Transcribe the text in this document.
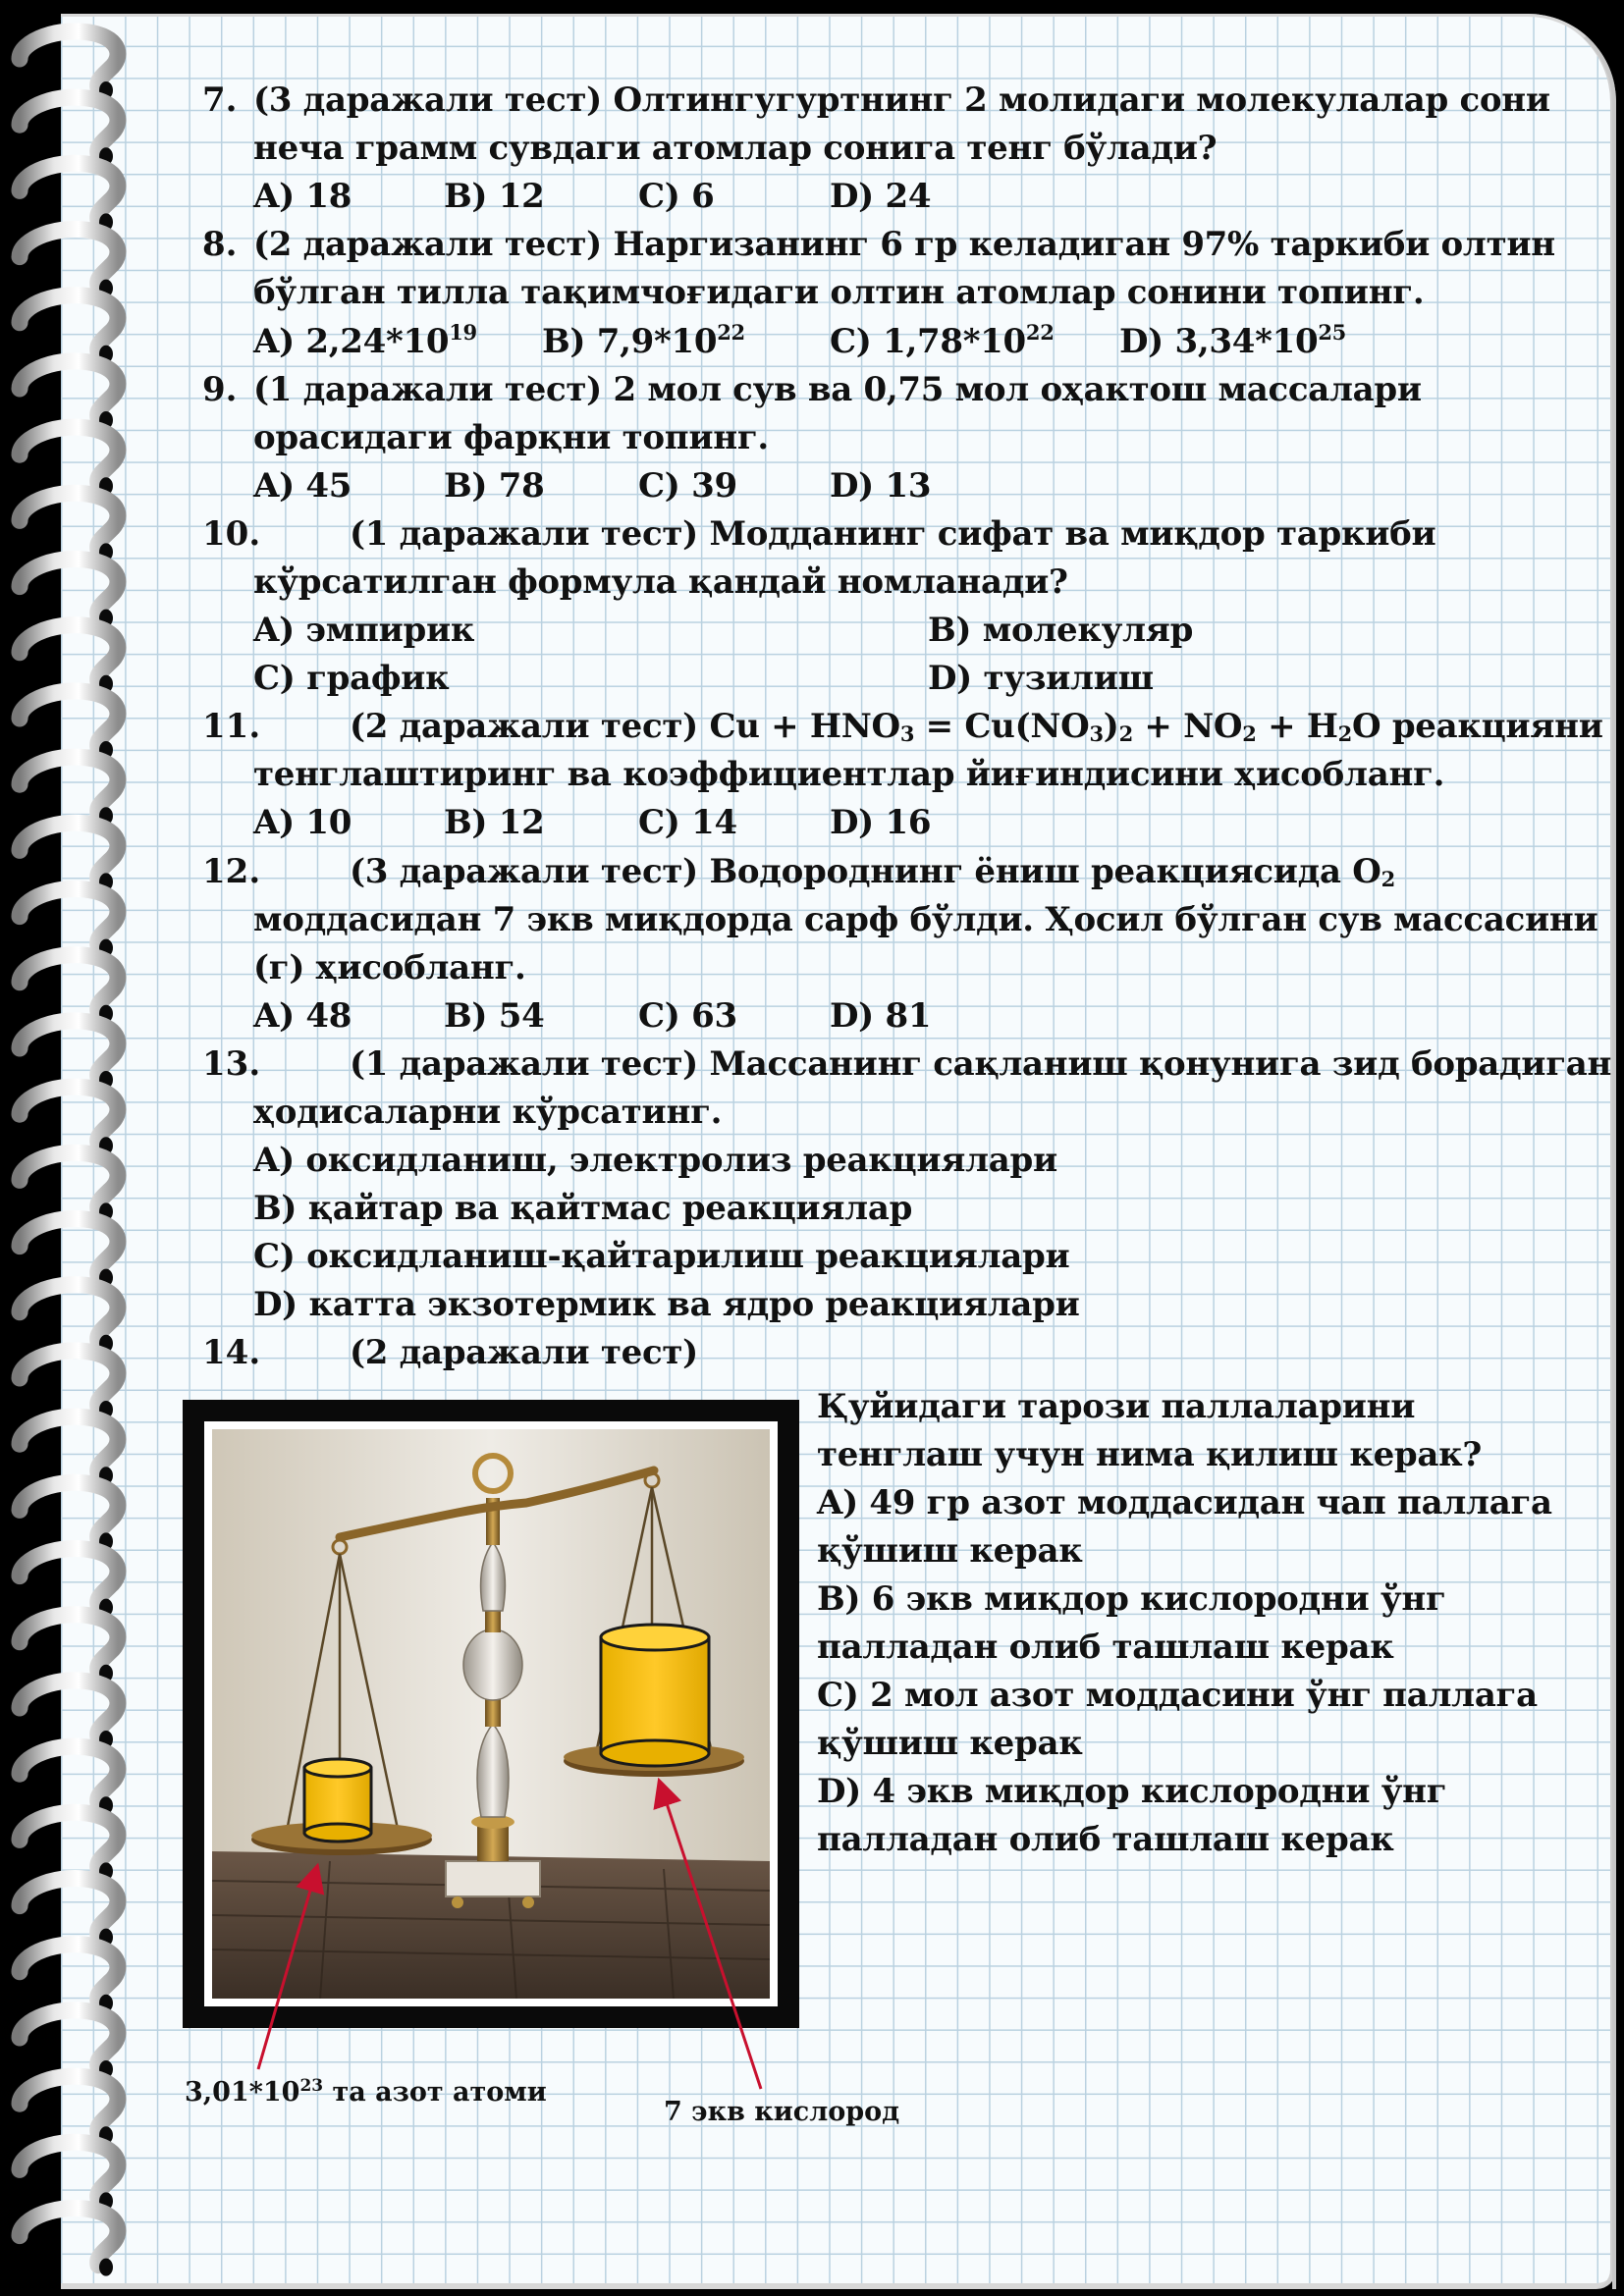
7. (3 даражали тест) Олтингугуртнинг 2 молидаги молекулалар сони
неча грамм сувдаги атомлар сонига тенг бўлади?
A) 18	B) 12	C) 6	D) 24
8. (2 даражали тест) Наргизанинг 6 гр келадиган 97% таркиби олтин
бўлган тилла тақимчоғидаги олтин атомлар сонини топинг.
A) $2,24*10^{19}$ B) $7,9*10^{22}$	C) $1,78*10^{22}$ D) $3,34*10^{25}$
9. (1 даражали тест) 2 мол сув ва 0,75 мол оҳактош массалари
орасидаги фарқни топинг.
A) 45	B) 78	C) 39	D) 13
10.	(1 даражали тест) Модданинг сифат ва миқдор таркиби
кўрсатилган формула қандай номланади?
A) эмпирик	B) молекуляр
C) график	D) тузилиш
11.	(2 даражали тест) $Cu + HNO_3 = Cu(NO_3)_2 + NO_2 + H_2O$ реакцияни
тенглаштиринг ва коэффициентлар йиғиндисини ҳисобланг.
A) 10	B) 12	C) 14	D) 16
12.	(3 даражали тест) Водороднинг ёниш реакциясида $O_2$
моддасидан 7 экв миқдорда сарф бўлди. Ҳосил бўлган сув массасини
(г) ҳисобланг.
A) 48	B) 54	C) 63	D) 81
13.	(1 даражали тест) Массанинг сақланиш қонунига зид борадиган
ҳодисаларни кўрсатинг.
A) оксидланиш, электролиз реакциялари
B) қайтар ва қайтмас реакциялар
C) оксидланиш-қайтарилиш реакциялари
D) катта экзотермик ва ядро реакциялари
14.	(2 даражали тест)
Қуйидаги тарози паллаларини
тенглаш учун нима қилиш керак?
A) 49 гр азот моддасидан чап паллага
қўшиш керак
B) 6 экв миқдор кислородни ўнг
палладан олиб ташлаш керак
C) 2 мол азот моддасини ўнг паллага
қўшиш керак
D) 4 экв миқдор кислородни ўнг
палладан олиб ташлаш керак
$3,01*10^{23}$ та азот атоми
7 экв кислород
